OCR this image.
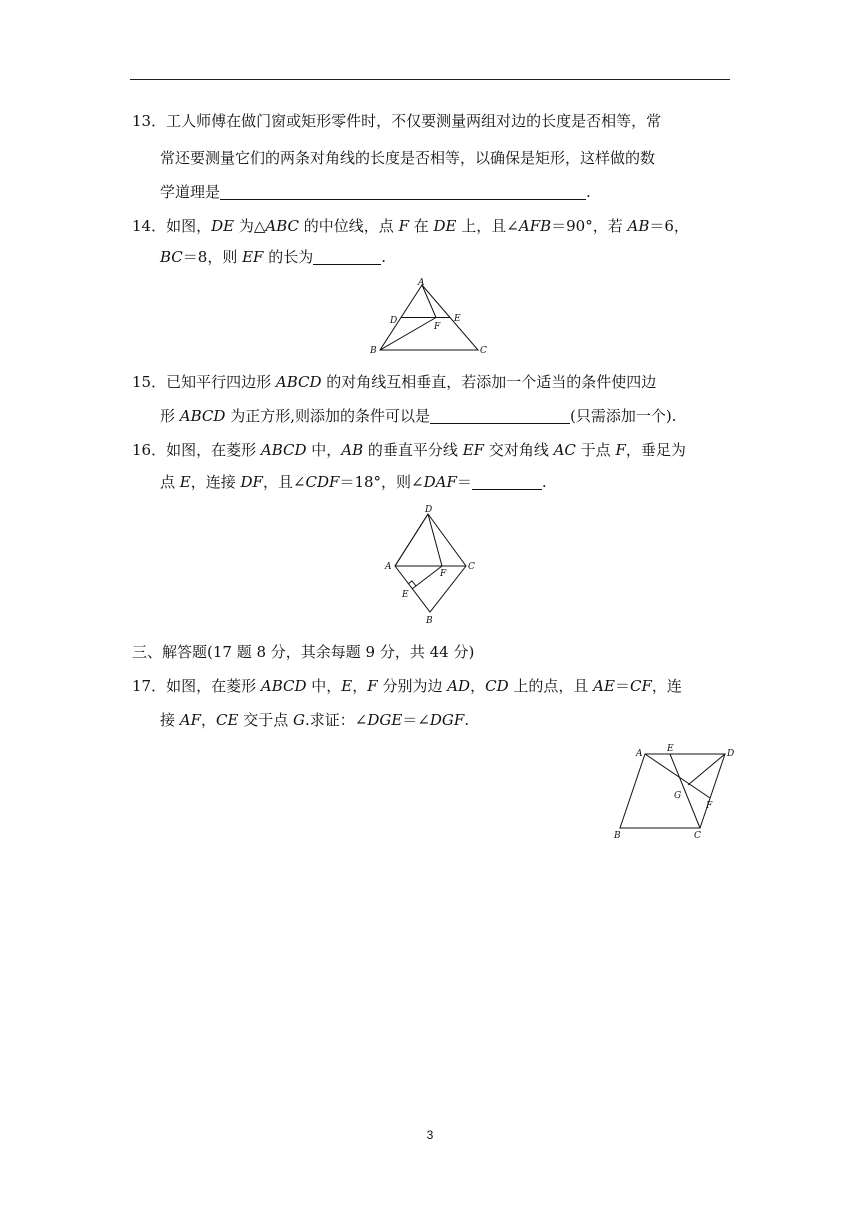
13．工人师傅在做门窗或矩形零件时，不仅要测量两组对边的长度是否相等，常
常还要测量它们的两条对角线的长度是否相等，以确保是矩形，这样做的数
学道理是	.
14．如图，DE 为△ABC 的中位线，点 F 在 DE 上，且∠AFB＝90°，若 AB＝6，
BC＝8，则 EF 的长为	.
A
D	E
F
B	C
15．已知平行四边形 ABCD 的对角线互相垂直，若添加一个适当的条件使四边
形 ABCD 为正方形,则添加的条件可以是	(只需添加一个).
16．如图，在菱形 ABCD 中，AB 的垂直平分线 EF 交对角线 AC 于点 F，垂足为
点 E，连接 DF，且∠CDF＝18°，则∠DAF＝	.
D
A	C
F
E
B
三、解答题(17 题 8 分，其余每题 9 分，共 44 分)
17．如图，在菱形 ABCD 中，E，F 分别为边 AD，CD 上的点，且 AE＝CF，连
接 AF，CE 交于点 G.求证：∠DGE＝∠DGF.
A	E	D
G
F
B	C
3
